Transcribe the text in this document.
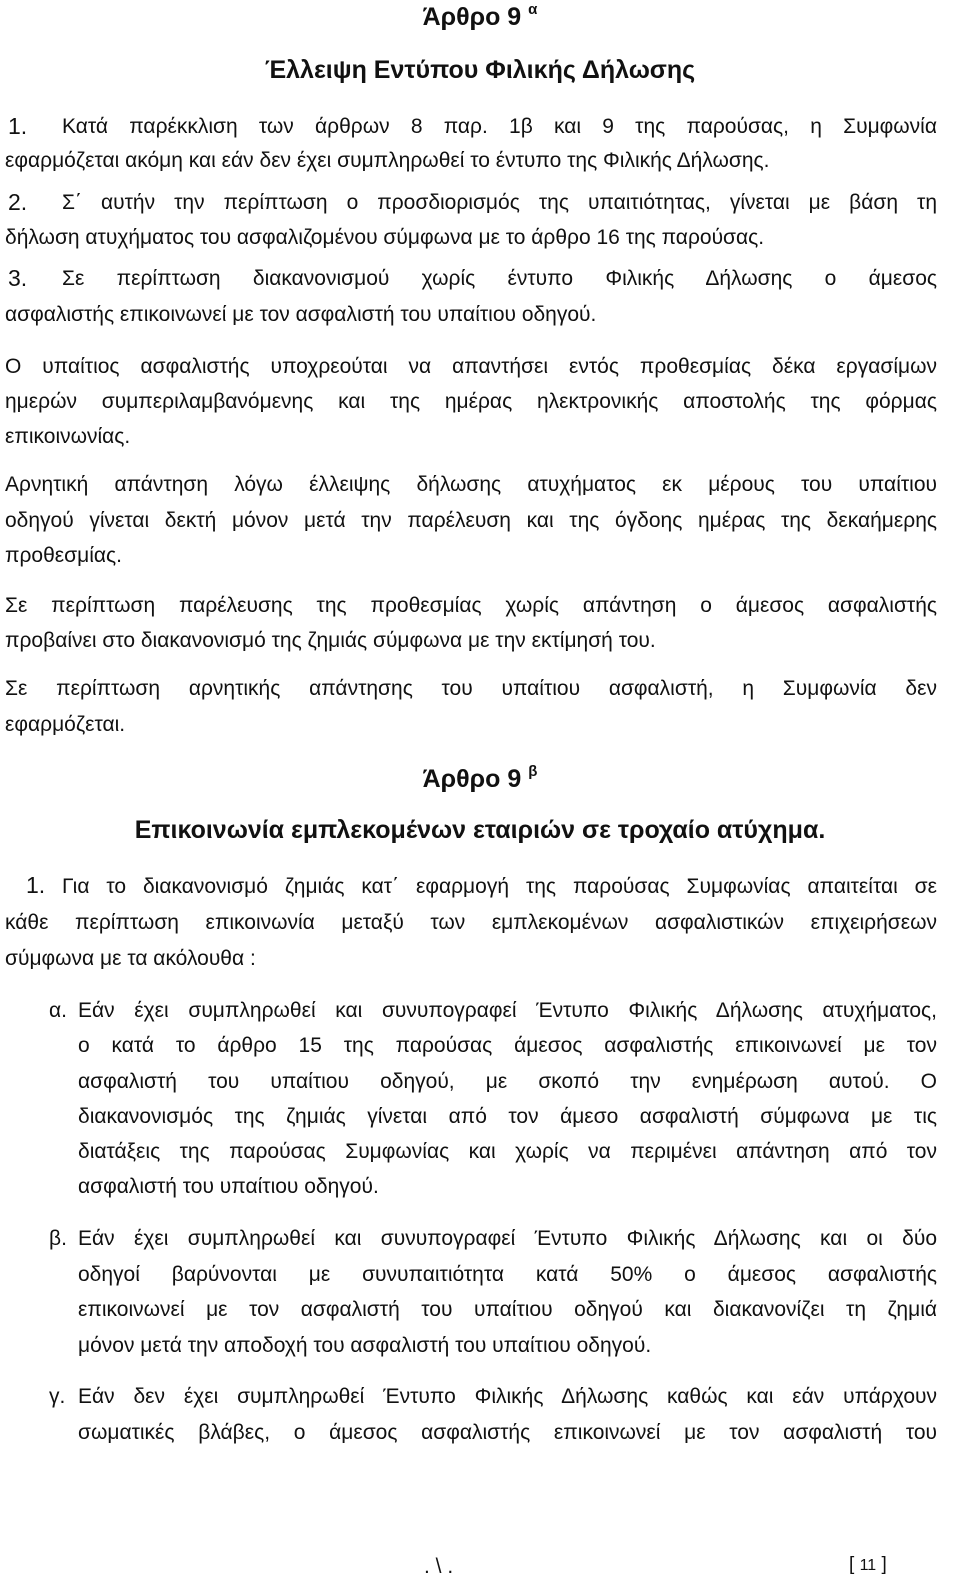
Άρθρο 9 $^\alpha$
Έλλειψη Εντύπου Φιλικής Δήλωσης
1. Κατά παρέκκλιση των άρθρων 8 παρ. 1β και 9 της παρούσας, η Συμφωνία
εφαρμόζεται ακόμη και εάν δεν έχει συμπληρωθεί το έντυπο της Φιλικής Δήλωσης.
2. Σ΄ αυτήν την περίπτωση ο προσδιορισμός της υπαιτιότητας, γίνεται με βάση τη
δήλωση ατυχήματος του ασφαλιζομένου σύμφωνα με το άρθρο 16 της παρούσας.
3. Σε περίπτωση διακανονισμού χωρίς έντυπο Φιλικής Δήλωσης ο άμεσος
ασφαλιστής επικοινωνεί με τον ασφαλιστή του υπαίτιου οδηγού.
Ο υπαίτιος ασφαλιστής υποχρεούται να απαντήσει εντός προθεσμίας δέκα εργασίμων
ημερών συμπεριλαμβανόμενης και της ημέρας ηλεκτρονικής αποστολής της φόρμας
επικοινωνίας.
Αρνητική απάντηση λόγω έλλειψης δήλωσης ατυχήματος εκ μέρους του υπαίτιου
οδηγού γίνεται δεκτή μόνον μετά την παρέλευση και της όγδοης ημέρας της δεκαήμερης
προθεσμίας.
Σε περίπτωση παρέλευσης της προθεσμίας χωρίς απάντηση ο άμεσος ασφαλιστής
προβαίνει στο διακανονισμό της ζημιάς σύμφωνα με την εκτίμησή του.
Σε περίπτωση αρνητικής απάντησης του υπαίτιου ασφαλιστή, η Συμφωνία δεν
εφαρμόζεται.
Άρθρο 9 $^\beta$
Επικοινωνία εμπλεκομένων εταιριών σε τροχαίο ατύχημα.
1. Για το διακανονισμό ζημιάς κατ΄ εφαρμογή της παρούσας Συμφωνίας απαιτείται σε
κάθε περίπτωση επικοινωνία μεταξύ των εμπλεκομένων ασφαλιστικών επιχειρήσεων
σύμφωνα με τα ακόλουθα :
α. Εάν έχει συμπληρωθεί και συνυπογραφεί Έντυπο Φιλικής Δήλωσης ατυχήματος,
ο κατά το άρθρο 15 της παρούσας άμεσος ασφαλιστής επικοινωνεί με τον
ασφαλιστή του υπαίτιου οδηγού, με σκοπό την ενημέρωση αυτού. Ο
διακανονισμός της ζημιάς γίνεται από τον άμεσο ασφαλιστή σύμφωνα με τις
διατάξεις της παρούσας Συμφωνίας και χωρίς να περιμένει απάντηση από τον
ασφαλιστή του υπαίτιου οδηγού.
β. Εάν έχει συμπληρωθεί και συνυπογραφεί Έντυπο Φιλικής Δήλωσης και οι δύο
οδηγοί βαρύνονται με συνυπαιτιότητα κατά 50% ο άμεσος ασφαλιστής
επικοινωνεί με τον ασφαλιστή του υπαίτιου οδηγού και διακανονίζει τη ζημιά
μόνον μετά την αποδοχή του ασφαλιστή του υπαίτιου οδηγού.
γ. Εάν δεν έχει συμπληρωθεί Έντυπο Φιλικής Δήλωσης καθώς και εάν υπάρχουν
σωματικές βλάβες, ο άμεσος ασφαλιστής επικοινωνεί με τον ασφαλιστή του
. \ .	[ 11 ]
